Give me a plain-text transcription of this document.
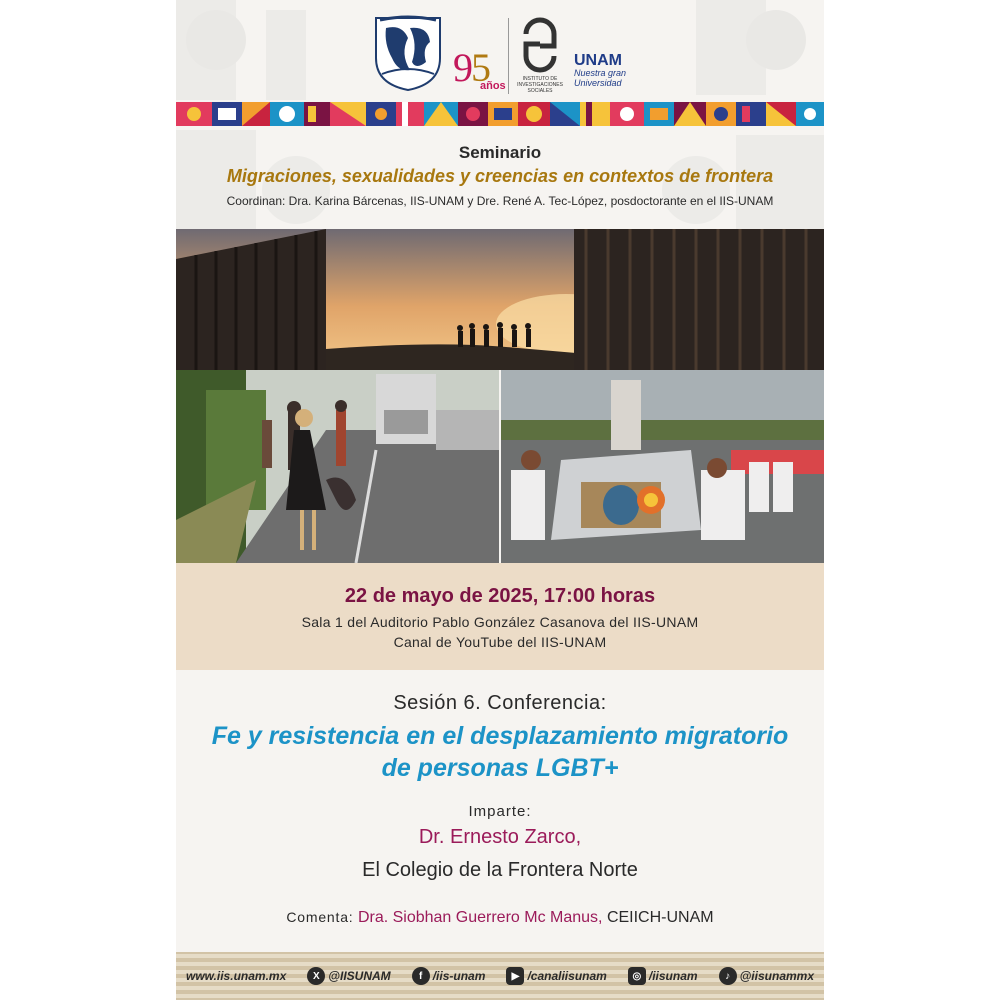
95
años
INSTITUTO DE INVESTIGACIONES SOCIALES
UNAM
Nuestra gran Universidad
Seminario
Migraciones, sexualidades y creencias en contextos de frontera
Coordinan: Dra. Karina Bárcenas, IIS-UNAM y Dre. René A. Tec-López, posdoctorante en el IIS-UNAM
22 de mayo de 2025, 17:00 horas
Sala 1 del Auditorio Pablo González Casanova del IIS-UNAM
Canal de YouTube del IIS-UNAM
Sesión 6. Conferencia:
Fe y resistencia en el desplazamiento migratorio
de personas LGBT+
Imparte:
Dr. Ernesto Zarco,
El Colegio de la Frontera Norte
Comenta: Dra. Siobhan Guerrero Mc Manus, CEIICH-UNAM
www.iis.unam.mx	X @IISUNAM	f /iis-unam	▶ /canaliisunam	◎ /iisunam	♪ @iisunammx
